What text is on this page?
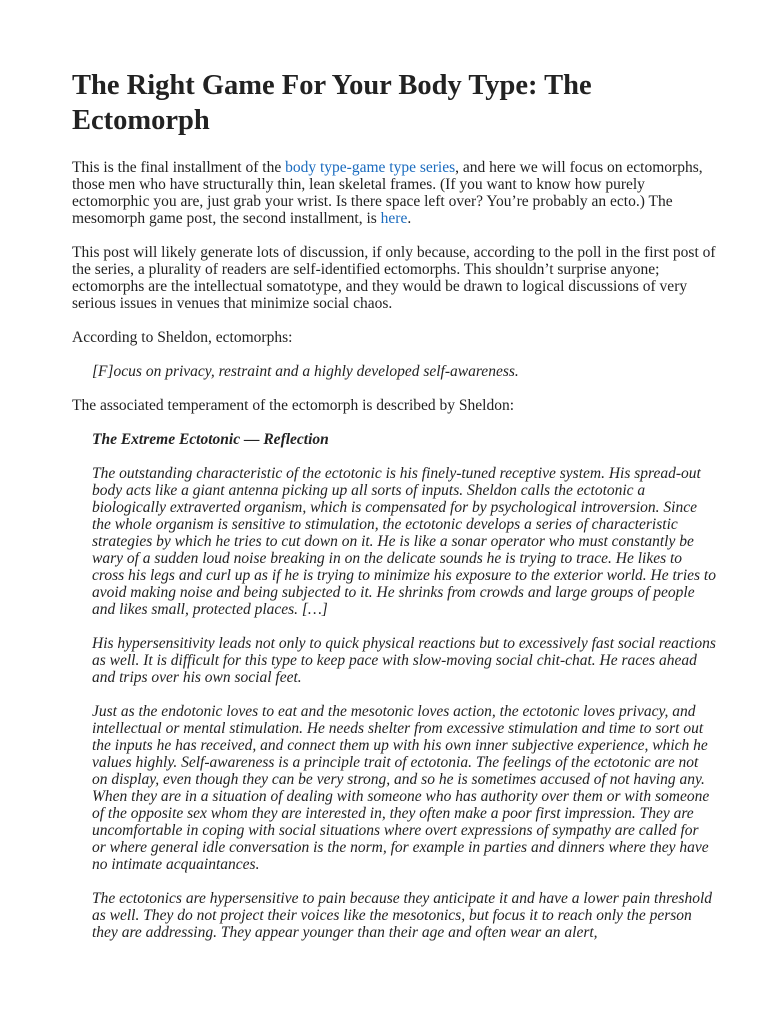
The Right Game For Your Body Type: The Ectomorph

This is the final installment of the body type-game type series, and here we will focus on ectomorphs, those men who have structurally thin, lean skeletal frames. (If you want to know how purely ectomorphic you are, just grab your wrist. Is there space left over? You’re probably an ecto.) The mesomorph game post, the second installment, is here.

This post will likely generate lots of discussion, if only because, according to the poll in the first post of the series, a plurality of readers are self-identified ectomorphs. This shouldn’t surprise anyone; ectomorphs are the intellectual somatotype, and they would be drawn to logical discussions of very serious issues in venues that minimize social chaos.

According to Sheldon, ectomorphs:

[F]ocus on privacy, restraint and a highly developed self-awareness.

The associated temperament of the ectomorph is described by Sheldon:

The Extreme Ectotonic — Reflection

The outstanding characteristic of the ectotonic is his finely-tuned receptive system. His spread-out body acts like a giant antenna picking up all sorts of inputs. Sheldon calls the ectotonic a biologically extraverted organism, which is compensated for by psychological introversion. Since the whole organism is sensitive to stimulation, the ectotonic develops a series of characteristic strategies by which he tries to cut down on it. He is like a sonar operator who must constantly be wary of a sudden loud noise breaking in on the delicate sounds he is trying to trace. He likes to cross his legs and curl up as if he is trying to minimize his exposure to the exterior world. He tries to avoid making noise and being subjected to it. He shrinks from crowds and large groups of people and likes small, protected places. […]

His hypersensitivity leads not only to quick physical reactions but to excessively fast social reactions as well. It is difficult for this type to keep pace with slow-moving social chit-chat. He races ahead and trips over his own social feet.

Just as the endotonic loves to eat and the mesotonic loves action, the ectotonic loves privacy, and intellectual or mental stimulation. He needs shelter from excessive stimulation and time to sort out the inputs he has received, and connect them up with his own inner subjective experience, which he values highly. Self-awareness is a principle trait of ectotonia. The feelings of the ectotonic are not on display, even though they can be very strong, and so he is sometimes accused of not having any. When they are in a situation of dealing with someone who has authority over them or with someone of the opposite sex whom they are interested in, they often make a poor first impression. They are uncomfortable in coping with social situations where overt expressions of sympathy are called for or where general idle conversation is the norm, for example in parties and dinners where they have no intimate acquaintances.

The ectotonics are hypersensitive to pain because they anticipate it and have a lower pain threshold as well. They do not project their voices like the mesotonics, but focus it to reach only the person they are addressing. They appear younger than their age and often wear an alert,
